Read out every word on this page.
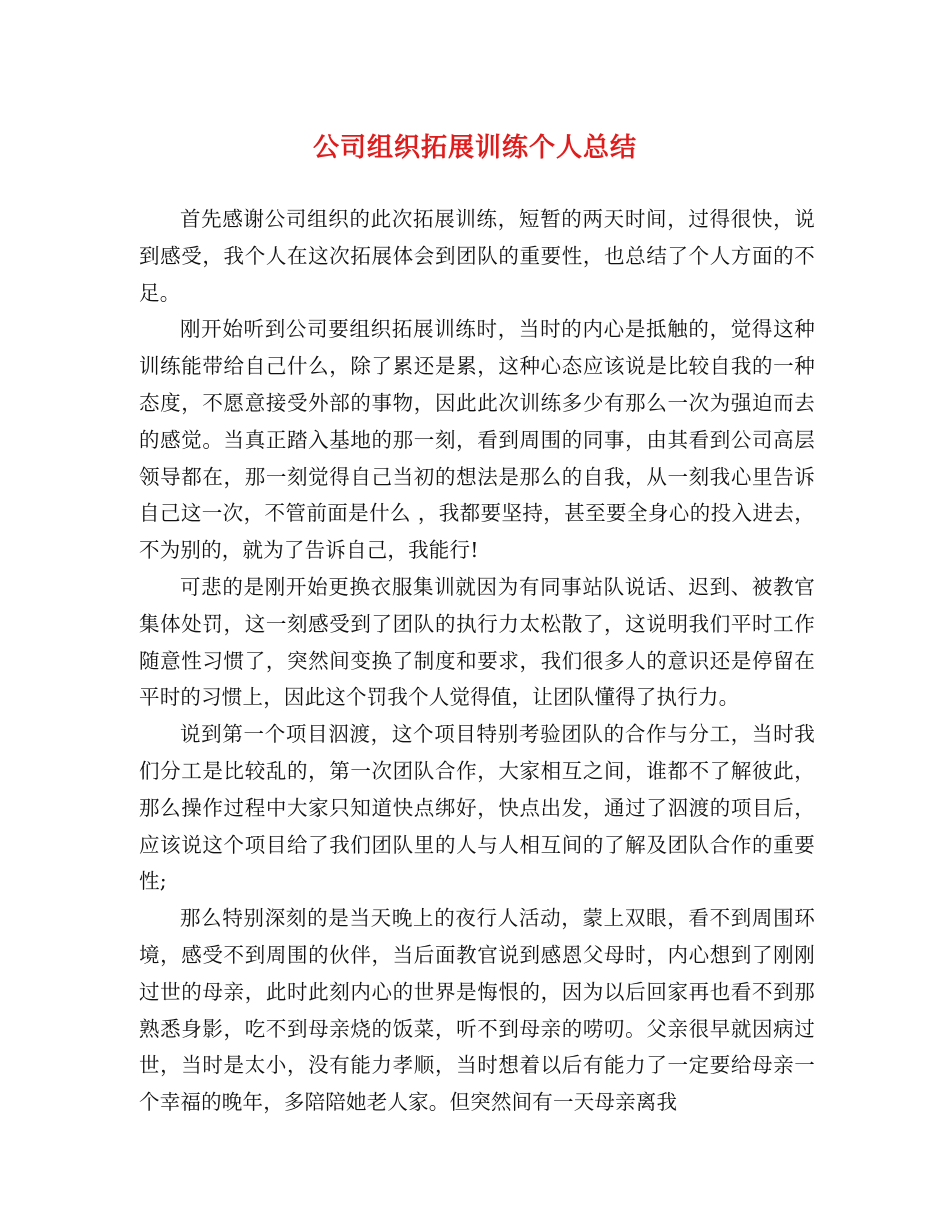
公司组织拓展训练个人总结

首先感谢公司组织的此次拓展训练，短暂的两天时间，过得很快，说到感受，我个人在这次拓展体会到团队的重要性，也总结了个人方面的不足。

刚开始听到公司要组织拓展训练时，当时的内心是抵触的，觉得这种训练能带给自己什么，除了累还是累，这种心态应该说是比较自我的一种态度，不愿意接受外部的事物，因此此次训练多少有那么一次为强迫而去的感觉。当真正踏入基地的那一刻，看到周围的同事，由其看到公司高层领导都在，那一刻觉得自己当初的想法是那么的自我，从一刻我心里告诉自己这一次，不管前面是什么 ，我都要坚持，甚至要全身心的投入进去，不为别的，就为了告诉自己，我能行!

可悲的是刚开始更换衣服集训就因为有同事站队说话、迟到、被教官集体处罚，这一刻感受到了团队的执行力太松散了，这说明我们平时工作随意性习惯了，突然间变换了制度和要求，我们很多人的意识还是停留在平时的习惯上，因此这个罚我个人觉得值，让团队懂得了执行力。

说到第一个项目泅渡，这个项目特别考验团队的合作与分工，当时我们分工是比较乱的，第一次团队合作，大家相互之间，谁都不了解彼此，那么操作过程中大家只知道快点绑好，快点出发，通过了泅渡的项目后，应该说这个项目给了我们团队里的人与人相互间的了解及团队合作的重要性;

那么特别深刻的是当天晚上的夜行人活动，蒙上双眼，看不到周围环境，感受不到周围的伙伴，当后面教官说到感恩父母时，内心想到了刚刚过世的母亲，此时此刻内心的世界是悔恨的，因为以后回家再也看不到那熟悉身影，吃不到母亲烧的饭菜，听不到母亲的唠叨。父亲很早就因病过世，当时是太小，没有能力孝顺，当时想着以后有能力了一定要给母亲一个幸福的晚年，多陪陪她老人家。但突然间有一天母亲离我
